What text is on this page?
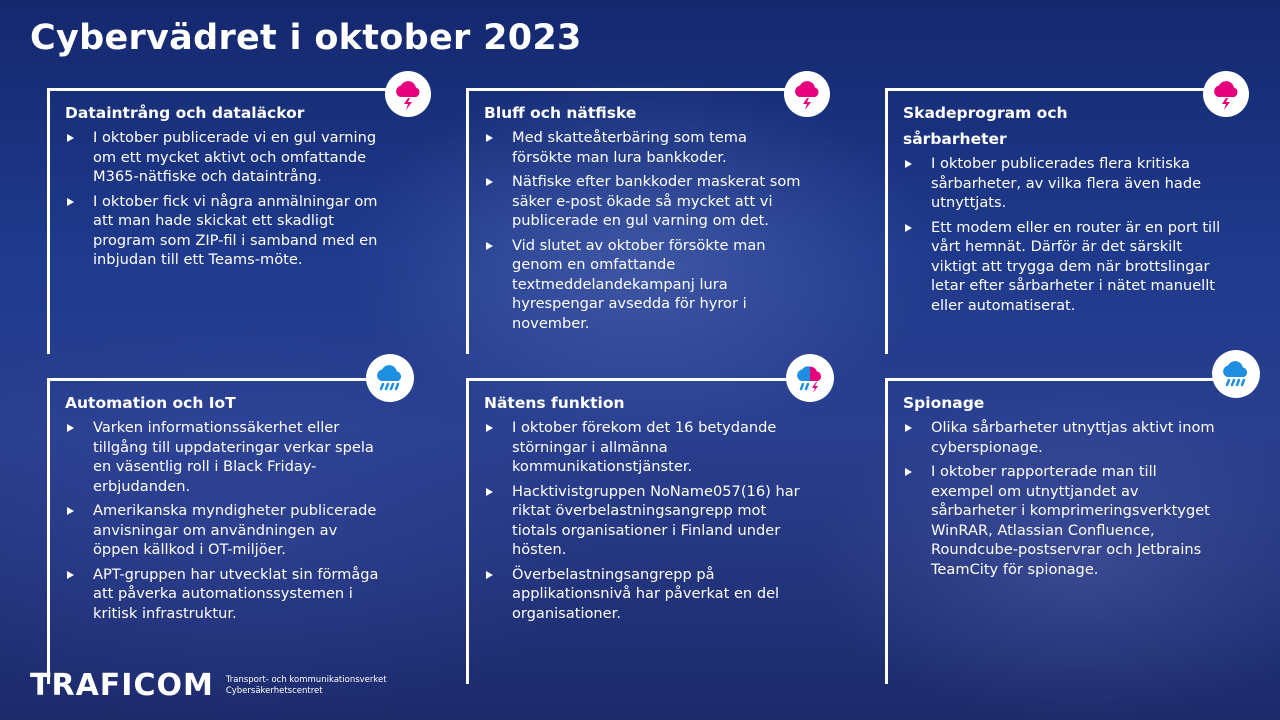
Cybervädret i oktober 2023
Dataintrång och dataläckor
I oktober publicerade vi en gul varning om ett mycket aktivt och omfattande M365-nätfiske och dataintrång.
I oktober fick vi några anmälningar om att man hade skickat ett skadligt program som ZIP-fil i samband med en inbjudan till ett Teams-möte.
Bluff och nätfiske
Med skatteåterbäring som tema försökte man lura bankkoder.
Nätfiske efter bankkoder maskerat som säker e-post ökade så mycket att vi publicerade en gul varning om det.
Vid slutet av oktober försökte man genom en omfattande textmeddelandekampanj lura hyrespengar avsedda för hyror i november.
Skadeprogram och
sårbarheter
I oktober publicerades flera kritiska sårbarheter, av vilka flera även hade utnyttjats.
Ett modem eller en router är en port till vårt hemnät. Därför är det särskilt viktigt att trygga dem när brottslingar letar efter sårbarheter i nätet manuellt eller automatiserat.
Automation och IoT
Varken informationssäkerhet eller tillgång till uppdateringar verkar spela en väsentlig roll i Black Friday-erbjudanden.
Amerikanska myndigheter publicerade anvisningar om användningen av öppen källkod i OT-miljöer.
APT-gruppen har utvecklat sin förmåga att påverka automationssystemen i kritisk infrastruktur.
Nätens funktion
I oktober förekom det 16 betydande störningar i allmänna kommunikationstjänster.
Hacktivistgruppen NoName057(16) har riktat överbelastningsangrepp mot tiotals organisationer i Finland under hösten.
Överbelastningsangrepp på applikationsnivå har påverkat en del organisationer.
Spionage
Olika sårbarheter utnyttjas aktivt inom cyberspionage.
I oktober rapporterade man till exempel om utnyttjandet av sårbarheter i komprimeringsverktyget WinRAR, Atlassian Confluence, Roundcube-postservrar och Jetbrains TeamCity för spionage.
TRAFICOM Transport- och kommunikationsverket
Cybersäkerhetscentret
